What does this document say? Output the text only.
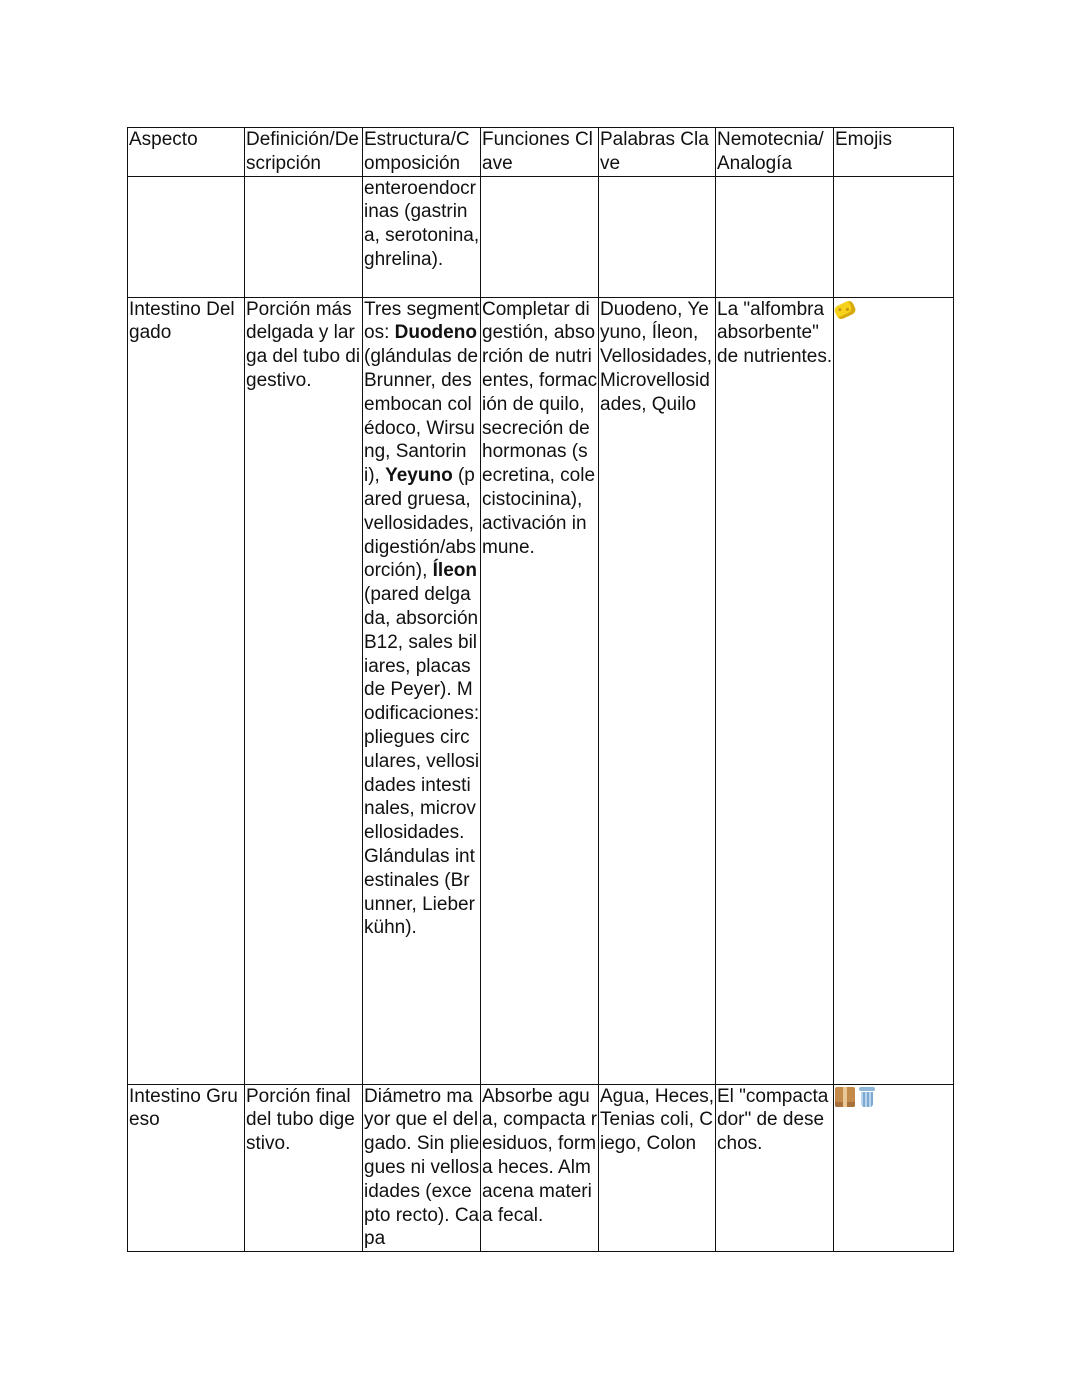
Aspecto	Definición/Descripción	Estructura/Composición	Funciones Clave	Palabras Clave	Nemotecnia/ Analogía	Emojis
		enteroendocrinas (gastrina, serotonina, ghrelina).				
Intestino Delgado	Porción más delgada y larga del tubo digestivo.	Tres segmentos: Duodeno (glándulas de Brunner, desembocan colédoco, Wirsung, Santorini), Yeyuno (pared gruesa, vellosidades, digestión/absorción), Íleon (pared delgada, absorción B12, sales biliares, placas de Peyer). Modificaciones: pliegues circulares, vellosidades intestinales, microvellosidades. Glándulas intestinales (Brunner, Lieberkühn).	Completar digestión, absorción de nutrientes, formación de quilo, secreción de hormonas (secretina, colecistocinina), activación inmune.	Duodeno, Yeyuno, Íleon, Vellosidades, Microvellosidades, Quilo	La "alfombra absorbente" de nutrientes.	
Intestino Grueso	Porción final del tubo digestivo.	Diámetro mayor que el delgado. Sin pliegues ni vellosidades (excepto recto). Capa	Absorbe agua, compacta residuos, forma heces. Almacena materia fecal.	Agua, Heces, Tenias coli, Ciego, Colon	El "compactador" de desechos.	
